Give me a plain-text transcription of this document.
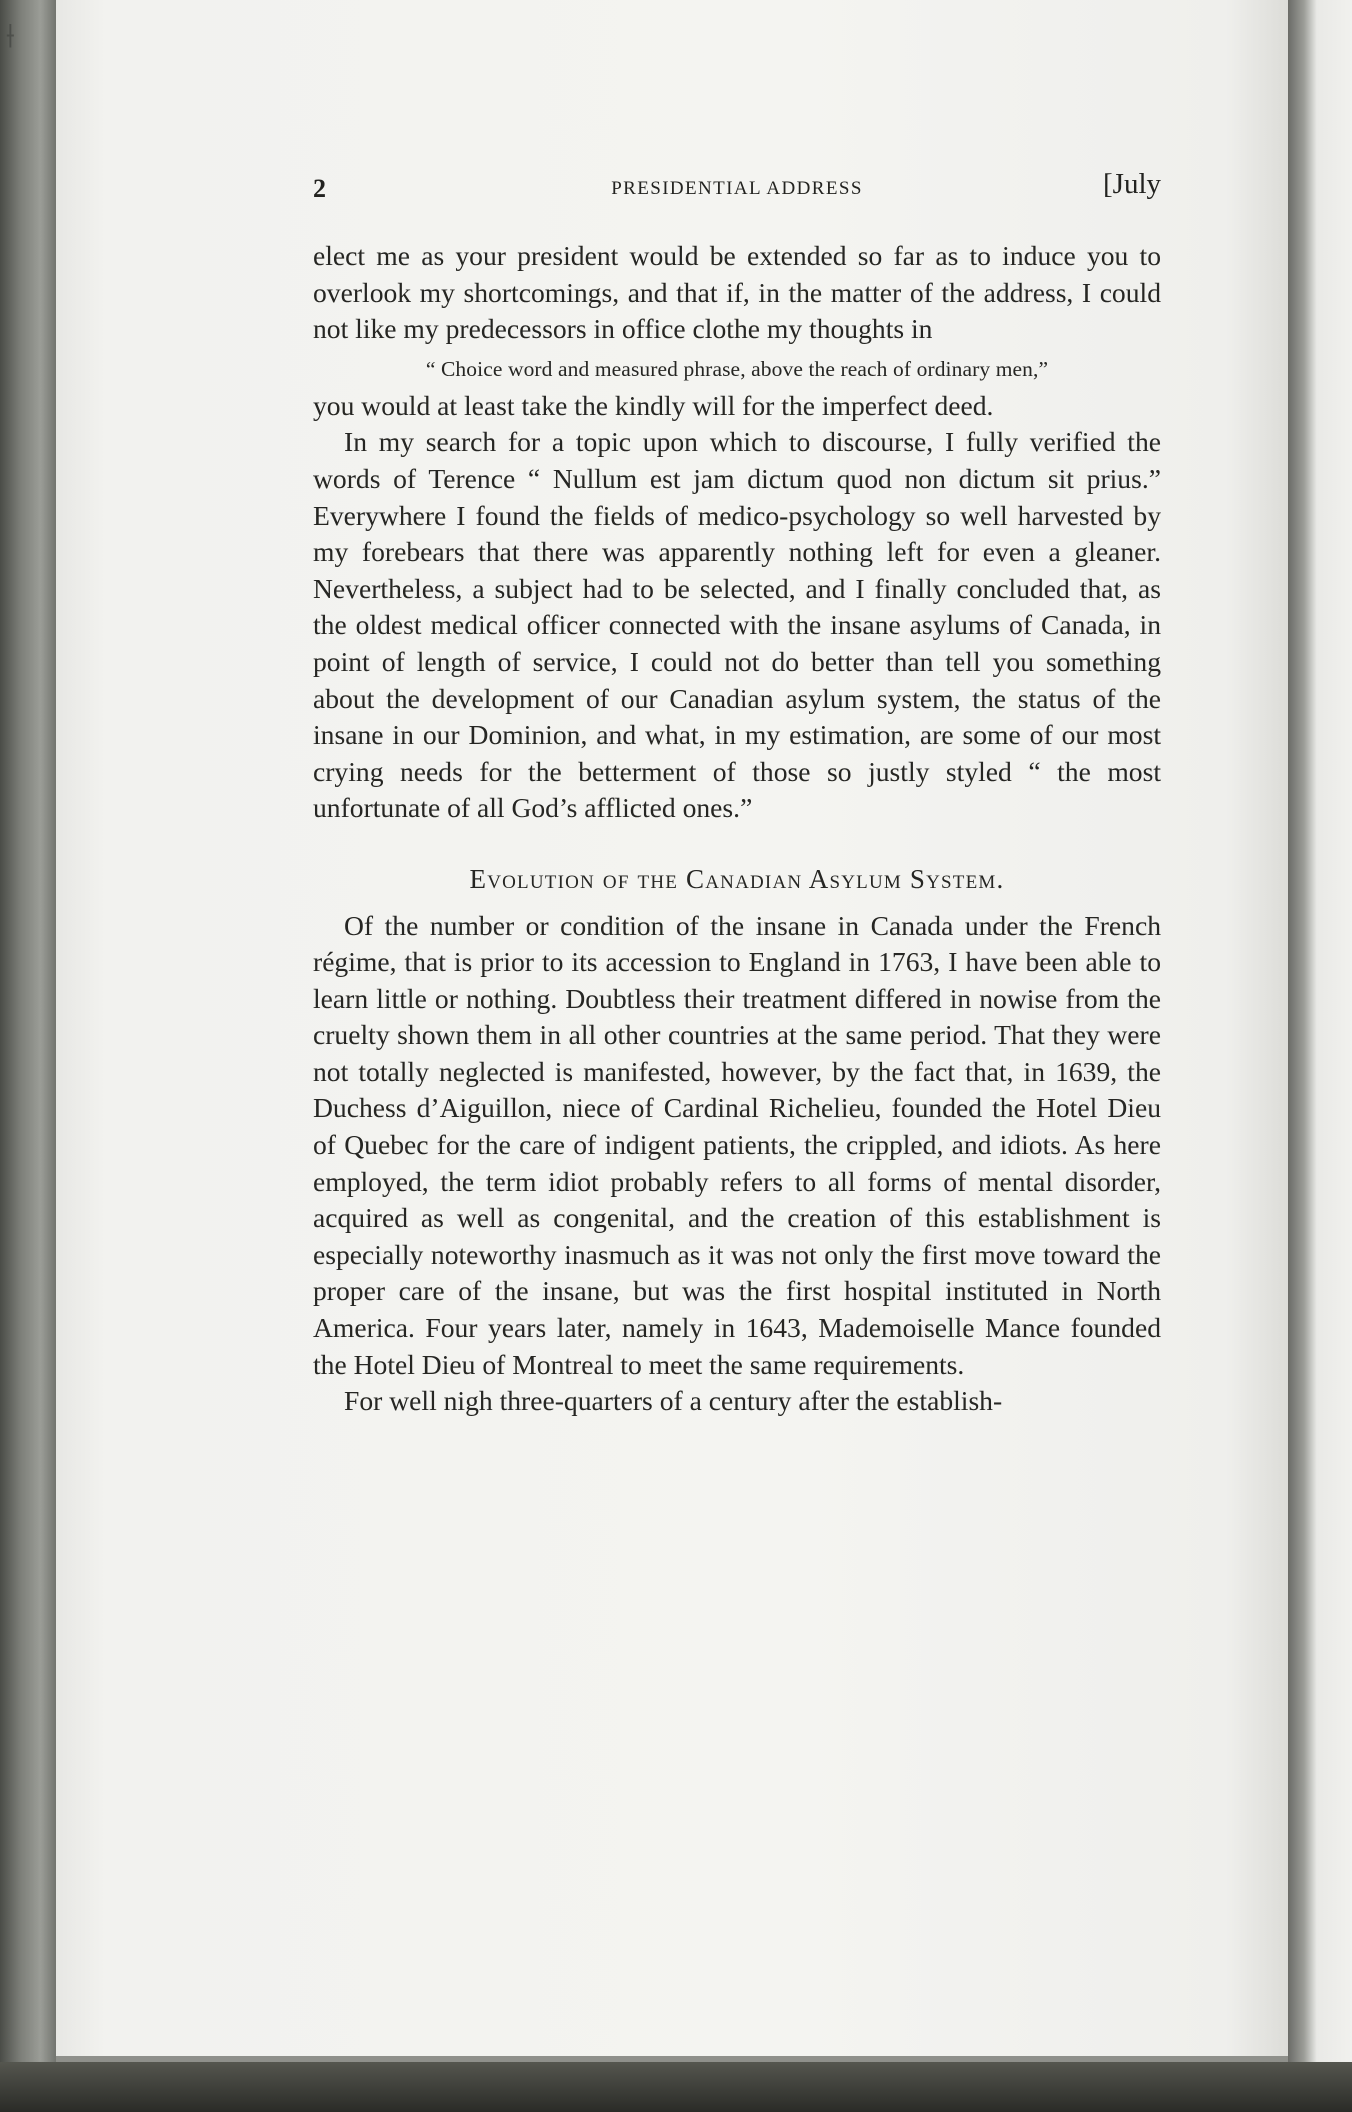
⟊
2	PRESIDENTIAL ADDRESS	[July

elect me as your president would be extended so far as to induce you to overlook my shortcomings, and that if, in the matter of the address, I could not like my predecessors in office clothe my thoughts in

“ Choice word and measured phrase, above the reach of ordinary men,”

you would at least take the kindly will for the imperfect deed.

In my search for a topic upon which to discourse, I fully verified the words of Terence “ Nullum est jam dictum quod non dictum sit prius.” Everywhere I found the fields of medico-psychology so well harvested by my forebears that there was apparently nothing left for even a gleaner. Nevertheless, a subject had to be selected, and I finally concluded that, as the oldest medical officer connected with the insane asylums of Canada, in point of length of service, I could not do better than tell you something about the development of our Canadian asylum system, the status of the insane in our Dominion, and what, in my estimation, are some of our most crying needs for the betterment of those so justly styled “ the most unfortunate of all God’s afflicted ones.”

Evolution of the Canadian Asylum System.

Of the number or condition of the insane in Canada under the French régime, that is prior to its accession to England in 1763, I have been able to learn little or nothing. Doubtless their treatment differed in nowise from the cruelty shown them in all other countries at the same period. That they were not totally neglected is manifested, however, by the fact that, in 1639, the Duchess d’Aiguillon, niece of Cardinal Richelieu, founded the Hotel Dieu of Quebec for the care of indigent patients, the crippled, and idiots. As here employed, the term idiot probably refers to all forms of mental disorder, acquired as well as congenital, and the creation of this establishment is especially noteworthy inasmuch as it was not only the first move toward the proper care of the insane, but was the first hospital instituted in North America. Four years later, namely in 1643, Mademoiselle Mance founded the Hotel Dieu of Montreal to meet the same requirements.

For well nigh three-quarters of a century after the establish-
